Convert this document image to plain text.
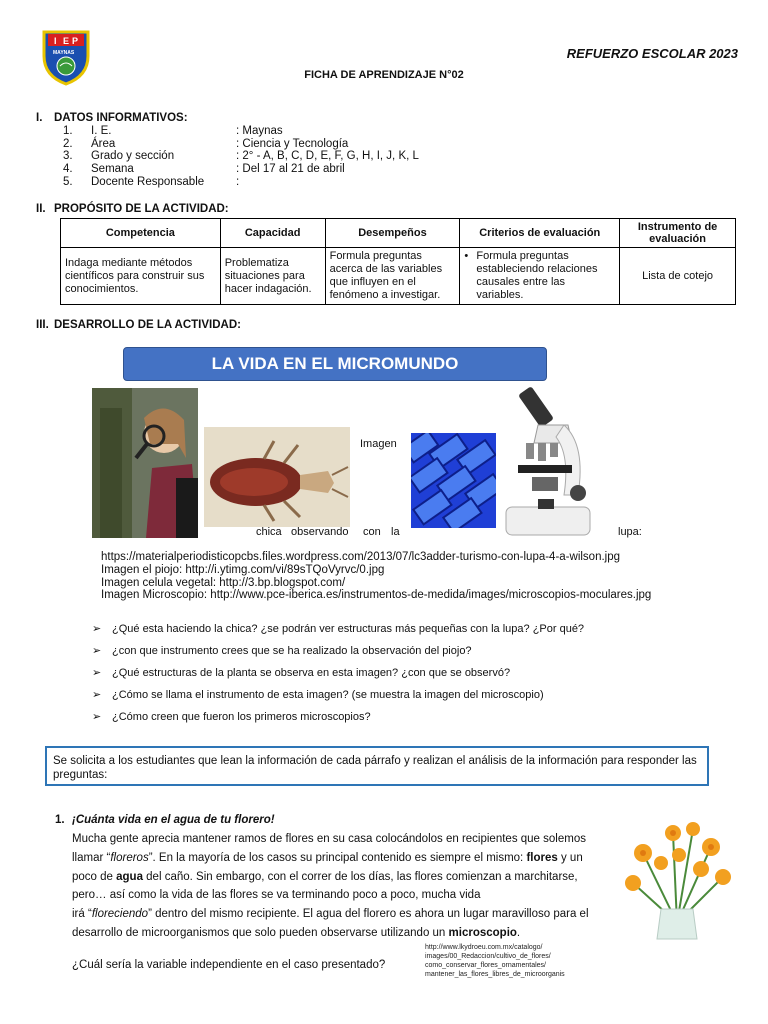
I E P
MAYNAS	REFUERZO ESCOLAR 2023
FICHA DE APRENDIZAJE N°02
I. DATOS INFORMATIVOS:
1.	I. E.	: Maynas
2.	Área	: Ciencia y Tecnología
3.	Grado y sección	: 2° - A, B, C, D, E, F, G, H, I, J, K, L
4.	Semana	: Del 17 al 21 de abril
5.	Docente Responsable	:
II. PROPÓSITO DE LA ACTIVIDAD:
Competencia	Capacidad	Desempeños	Criterios de evaluación	Instrumento de evaluación
Indaga mediante métodos científicos para construir sus conocimientos.	Problematiza situaciones para hacer indagación.	Formula preguntas acerca de las variables que influyen en el fenómeno a investigar.	• Formula preguntas estableciendo relaciones causales entre las variables.	Lista de cotejo
III. DESARROLLO DE LA ACTIVIDAD:
LA VIDA EN EL MICROMUNDO
Imagen
chica observando con la	lupa:
https://materialperiodisticopcbs.files.wordpress.com/2013/07/lc3adder-turismo-con-lupa-4-a-wilson.jpg
Imagen el piojo: http://i.ytimg.com/vi/89sTQoVyrvc/0.jpg
Imagen celula vegetal: http://3.bp.blogspot.com/
Imagen Microscopio: http://www.pce-iberica.es/instrumentos-de-medida/images/microscopios-moculares.jpg
➢ ¿Qué esta haciendo la chica? ¿se podrán ver estructuras más pequeñas con la lupa? ¿Por qué?
➢ ¿con que instrumento crees que se ha realizado la observación del piojo?
➢ ¿Qué estructuras de la planta se observa en esta imagen? ¿con que se observó?
➢ ¿Cómo se llama el instrumento de esta imagen? (se muestra la imagen del microscopio)
➢ ¿Cómo creen que fueron los primeros microscopios?
Se solicita a los estudiantes que lean la información de cada párrafo y realizan el análisis de la información para responder las preguntas:
1. ¡Cuánta vida en el agua de tu florero!
Mucha gente aprecia mantener ramos de flores en su casa colocándolos en recipientes que solemos
llamar “floreros”. En la mayoría de los casos su principal contenido es siempre el mismo: flores y un
poco de agua del caño. Sin embargo, con el correr de los días, las flores comienzan a marchitarse,
pero… así como la vida de las flores se va terminando poco a poco, mucha vida
irá “floreciendo” dentro del mismo recipiente. El agua del florero es ahora un lugar maravilloso para el
desarrollo de microorganismos que solo pueden observarse utilizando un microscopio.
¿Cuál sería la variable independiente en el caso presentado?
http://www.lkydroeu.com.mx/catalogo/
images/00_Redaccion/cultivo_de_flores/
como_conservar_flores_ornamentales/
mantener_las_flores_libres_de_microorganis
